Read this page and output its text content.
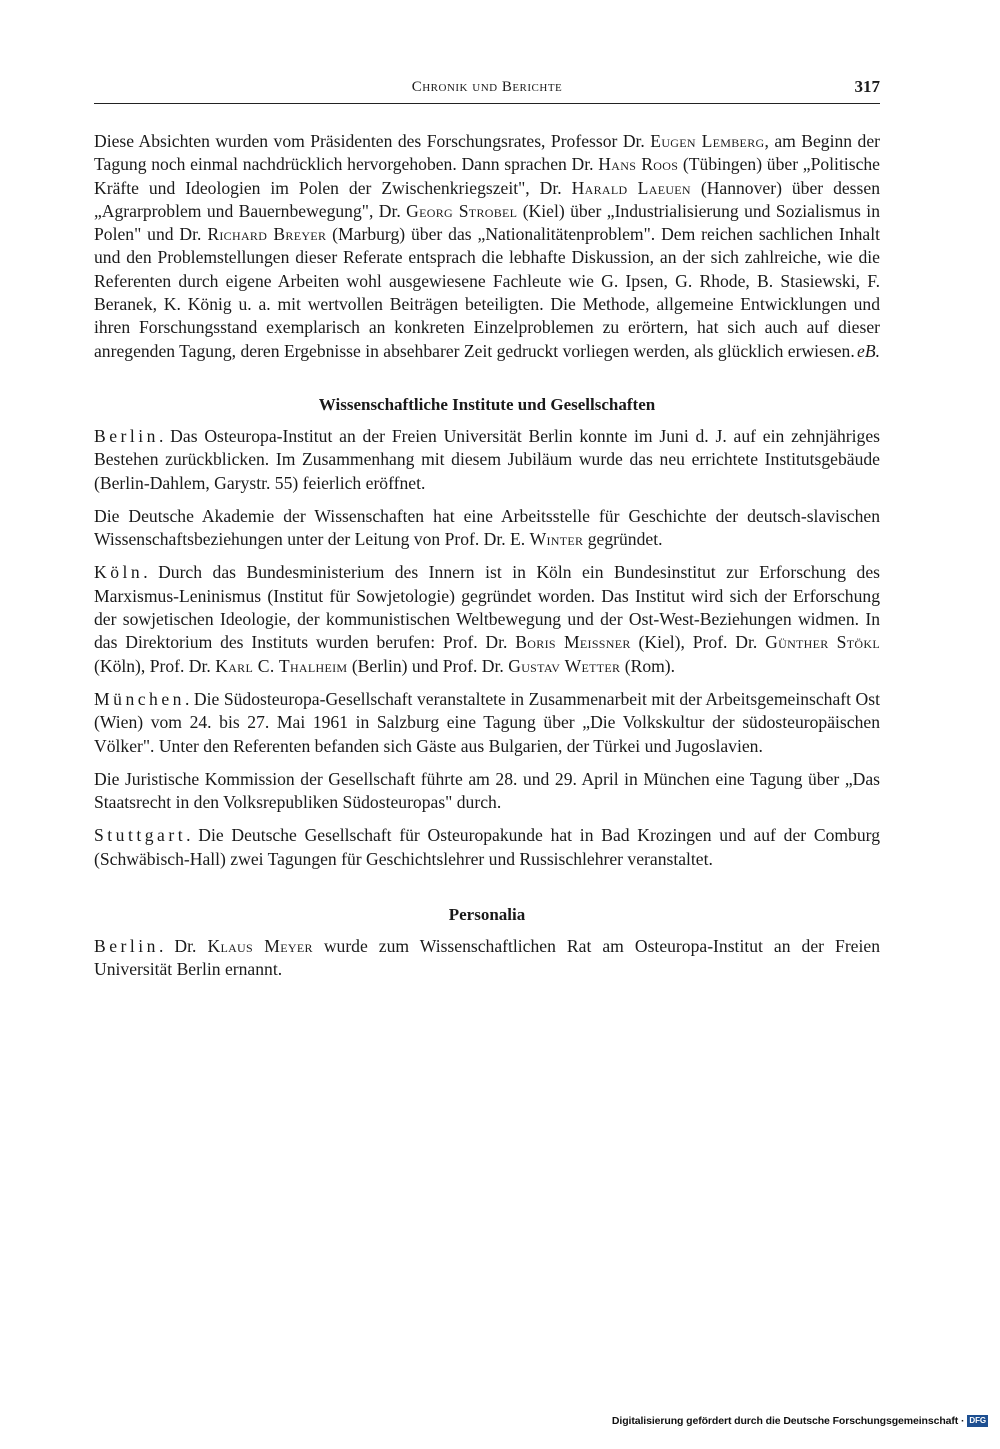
Chronik und Berichte	317

Diese Absichten wurden vom Präsidenten des Forschungsrates, Professor Dr. Eugen Lemberg, am Beginn der Tagung noch einmal nachdrücklich hervorgehoben. Dann sprachen Dr. Hans Roos (Tübingen) über „Politische Kräfte und Ideologien im Polen der Zwischenkriegszeit", Dr. Harald Laeuen (Hannover) über dessen „Agrarproblem und Bauernbewegung", Dr. Georg Strobel (Kiel) über „Industrialisierung und Sozialismus in Polen" und Dr. Richard Breyer (Marburg) über das „Nationalitätenproblem". Dem reichen sachlichen Inhalt und den Problemstellungen dieser Referate entsprach die lebhafte Diskussion, an der sich zahlreiche, wie die Referenten durch eigene Arbeiten wohl ausgewiesene Fachleute wie G. Ipsen, G. Rhode, B. Stasiewski, F. Beranek, K. König u. a. mit wertvollen Beiträgen beteiligten. Die Methode, allgemeine Entwicklungen und ihren Forschungsstand exemplarisch an konkreten Einzelproblemen zu erörtern, hat sich auch auf dieser anregenden Tagung, deren Ergebnisse in absehbarer Zeit gedruckt vorliegen werden, als glücklich erwiesen. eB.

Wissenschaftliche Institute und Gesellschaften

Berlin. Das Osteuropa-Institut an der Freien Universität Berlin konnte im Juni d. J. auf ein zehnjähriges Bestehen zurückblicken. Im Zusammenhang mit diesem Jubiläum wurde das neu errichtete Institutsgebäude (Berlin-Dahlem, Garystr. 55) feierlich eröffnet.

Die Deutsche Akademie der Wissenschaften hat eine Arbeitsstelle für Geschichte der deutsch-slavischen Wissenschaftsbeziehungen unter der Leitung von Prof. Dr. E. Winter gegründet.

Köln. Durch das Bundesministerium des Innern ist in Köln ein Bundesinstitut zur Erforschung des Marxismus-Leninismus (Institut für Sowjetologie) gegründet worden. Das Institut wird sich der Erforschung der sowjetischen Ideologie, der kommunistischen Weltbewegung und der Ost-West-Beziehungen widmen. In das Direktorium des Instituts wurden berufen: Prof. Dr. Boris Meissner (Kiel), Prof. Dr. Günther Stökl (Köln), Prof. Dr. Karl C. Thalheim (Berlin) und Prof. Dr. Gustav Wetter (Rom).

München. Die Südosteuropa-Gesellschaft veranstaltete in Zusammenarbeit mit der Arbeitsgemeinschaft Ost (Wien) vom 24. bis 27. Mai 1961 in Salzburg eine Tagung über „Die Volkskultur der südosteuropäischen Völker". Unter den Referenten befanden sich Gäste aus Bulgarien, der Türkei und Jugoslavien.

Die Juristische Kommission der Gesellschaft führte am 28. und 29. April in München eine Tagung über „Das Staatsrecht in den Volksrepubliken Südosteuropas" durch.

Stuttgart. Die Deutsche Gesellschaft für Osteuropakunde hat in Bad Krozingen und auf der Comburg (Schwäbisch-Hall) zwei Tagungen für Geschichtslehrer und Russischlehrer veranstaltet.

Personalia

Berlin. Dr. Klaus Meyer wurde zum Wissenschaftlichen Rat am Osteuropa-Institut an der Freien Universität Berlin ernannt.

Digitalisierung gefördert durch die Deutsche Forschungsgemeinschaft · DFG
